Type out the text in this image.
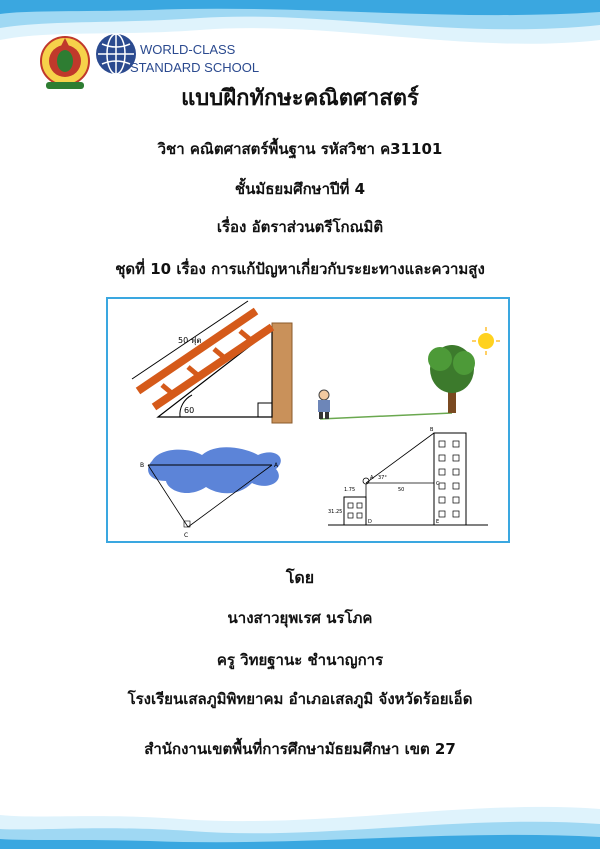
WORLD-CLASS
STANDARD SCHOOL
แบบฝึกทักษะคณิตศาสตร์
วิชา คณิตศาสตร์พื้นฐาน รหัสวิชา ค31101
ชั้นมัธยมศึกษาปีที่ 4
เรื่อง อัตราส่วนตรีโกณมิติ
ชุดที่ 10 เรื่อง การแก้ปัญหาเกี่ยวกับระยะทางและความสูง
50 ฟุต
60
B	A
C
B
A
C
D	E
1.75	50
31.25
37°
โดย
นางสาวยุพเรศ นรโภค
ครู วิทยฐานะ ชำนาญการ
โรงเรียนเสลภูมิพิทยาคม อำเภอเสลภูมิ จังหวัดร้อยเอ็ด
สำนักงานเขตพื้นที่การศึกษามัธยมศึกษา เขต 27
